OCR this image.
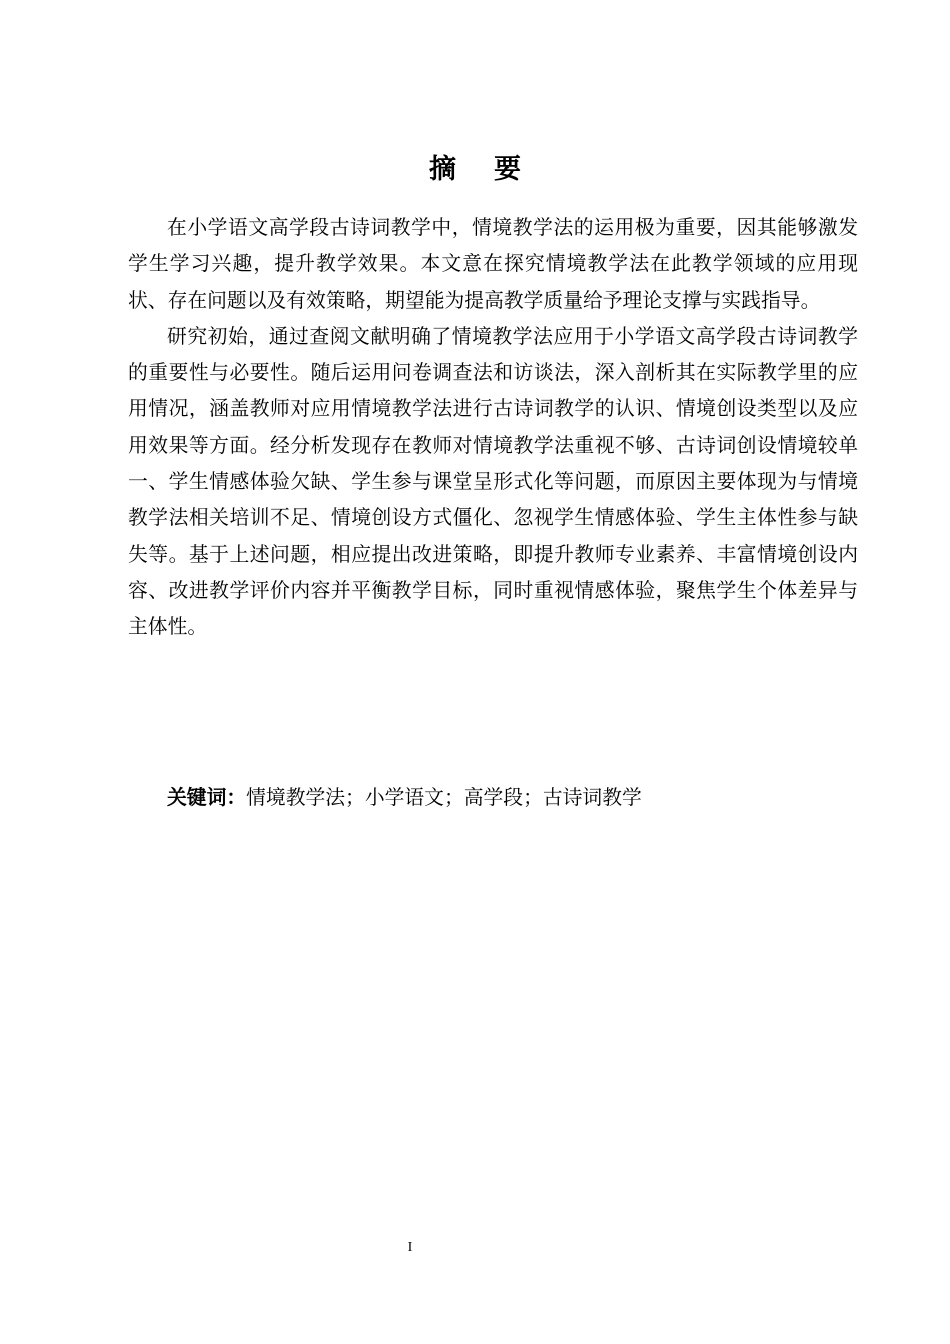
摘 要

在小学语文高学段古诗词教学中，情境教学法的运用极为重要，因其能够激发学生学习兴趣，提升教学效果。本文意在探究情境教学法在此教学领域的应用现状、存在问题以及有效策略，期望能为提高教学质量给予理论支撑与实践指导。

研究初始，通过查阅文献明确了情境教学法应用于小学语文高学段古诗词教学的重要性与必要性。随后运用问卷调查法和访谈法，深入剖析其在实际教学里的应用情况，涵盖教师对应用情境教学法进行古诗词教学的认识、情境创设类型以及应用效果等方面。经分析发现存在教师对情境教学法重视不够、古诗词创设情境较单一、学生情感体验欠缺、学生参与课堂呈形式化等问题，而原因主要体现为与情境教学法相关培训不足、情境创设方式僵化、忽视学生情感体验、学生主体性参与缺失等。基于上述问题，相应提出改进策略，即提升教师专业素养、丰富情境创设内容、改进教学评价内容并平衡教学目标，同时重视情感体验，聚焦学生个体差异与主体性。

关键词：情境教学法；小学语文；高学段；古诗词教学
I
